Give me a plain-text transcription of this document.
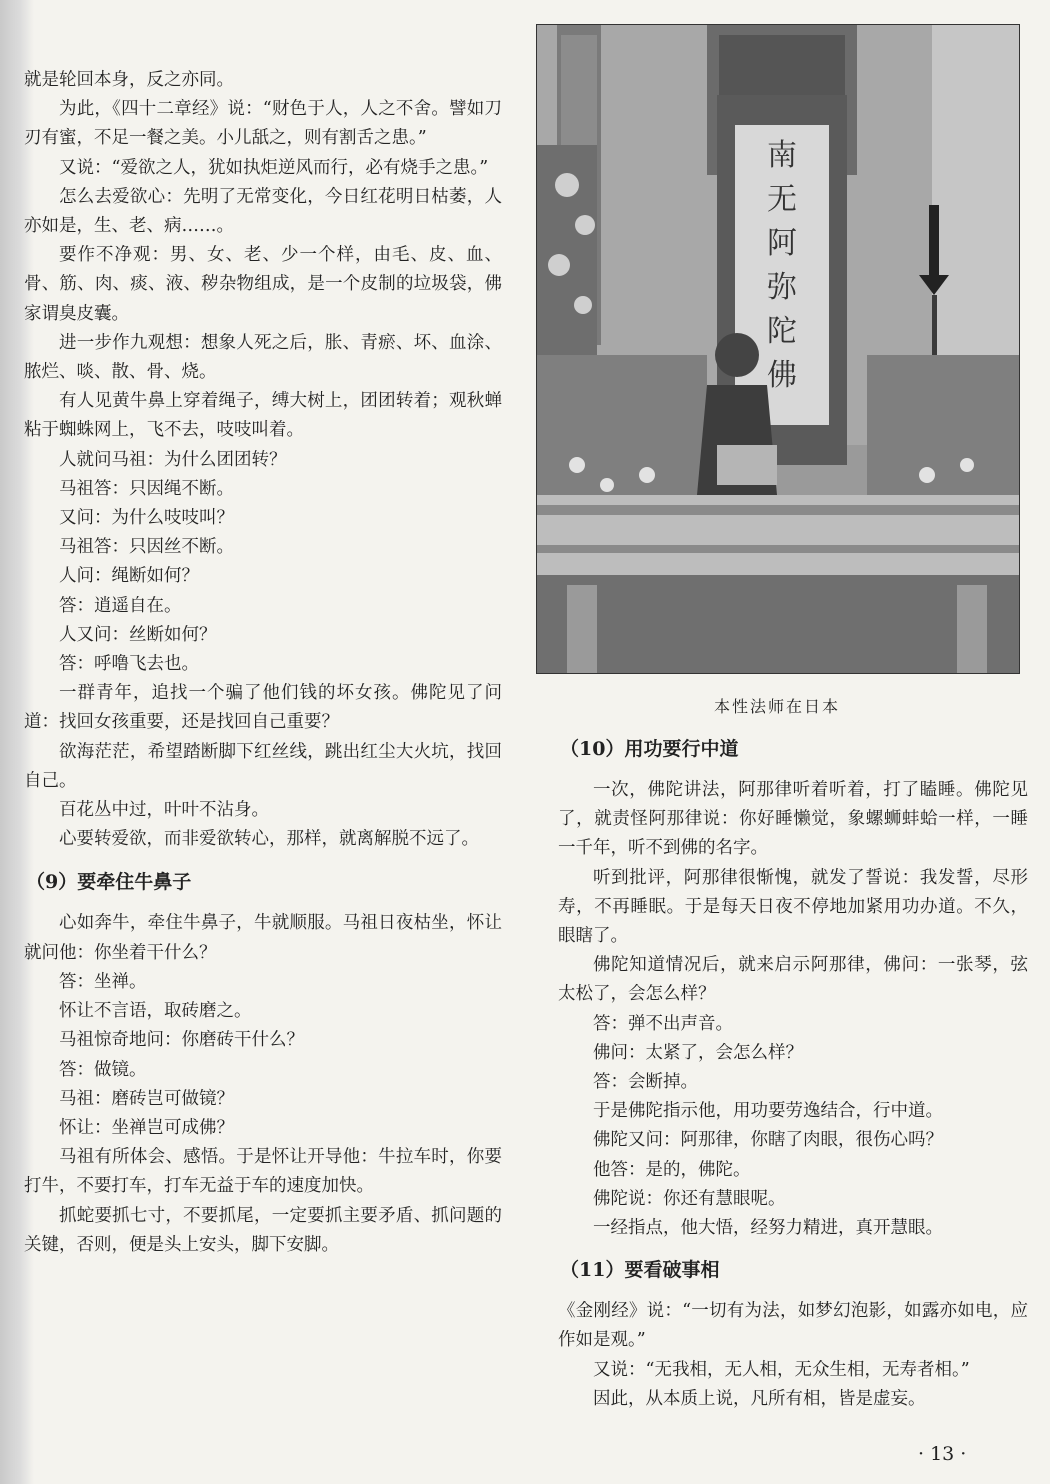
就是轮回本身，反之亦同。

为此，《四十二章经》说：“财色于人，人之不舍。譬如刀刃有蜜，不足一餐之美。小儿舐之，则有割舌之患。”

又说：“爱欲之人，犹如执炬逆风而行，必有烧手之患。”

怎么去爱欲心：先明了无常变化，今日红花明日枯萎，人亦如是，生、老、病……。

要作不净观：男、女、老、少一个样，由毛、皮、血、骨、筋、肉、痰、液、秽杂物组成，是一个皮制的垃圾袋，佛家谓臭皮囊。

进一步作九观想：想象人死之后，胀、青瘀、坏、血涂、脓烂、啖、散、骨、烧。

有人见黄牛鼻上穿着绳子，缚大树上，团团转着；观秋蝉粘于蜘蛛网上，飞不去，吱吱叫着。

人就问马祖：为什么团团转？

马祖答：只因绳不断。

又问：为什么吱吱叫？

马祖答：只因丝不断。

人问：绳断如何？

答：逍遥自在。

人又问：丝断如何？

答：呼噜飞去也。

一群青年，追找一个骗了他们钱的坏女孩。佛陀见了问道：找回女孩重要，还是找回自己重要？

欲海茫茫，希望踏断脚下红丝线，跳出红尘大火坑，找回自己。

百花丛中过，叶叶不沾身。

心要转爱欲，而非爱欲转心，那样，就离解脱不远了。

（9）要牵住牛鼻子

心如奔牛，牵住牛鼻子，牛就顺服。马祖日夜枯坐，怀让就问他：你坐着干什么？

答：坐禅。

怀让不言语，取砖磨之。

马祖惊奇地问：你磨砖干什么？

答：做镜。

马祖：磨砖岂可做镜？

怀让：坐禅岂可成佛？

马祖有所体会、感悟。于是怀让开导他：牛拉车时，你要打牛，不要打车，打车无益于车的速度加快。

抓蛇要抓七寸，不要抓尾，一定要抓主要矛盾、抓问题的关键，否则，便是头上安头，脚下安脚。

南无阿弥陀佛
本性法师在日本
（10）用功要行中道

一次，佛陀讲法，阿那律听着听着，打了瞌睡。佛陀见了，就责怪阿那律说：你好睡懒觉，象螺蛳蚌蛤一样，一睡一千年，听不到佛的名字。

听到批评，阿那律很惭愧，就发了誓说：我发誓，尽形寿，不再睡眠。于是每天日夜不停地加紧用功办道。不久，眼瞎了。

佛陀知道情况后，就来启示阿那律，佛问：一张琴，弦太松了，会怎么样？

答：弹不出声音。

佛问：太紧了，会怎么样？

答：会断掉。

于是佛陀指示他，用功要劳逸结合，行中道。

佛陀又问：阿那律，你瞎了肉眼，很伤心吗？

他答：是的，佛陀。

佛陀说：你还有慧眼呢。

一经指点，他大悟，经努力精进，真开慧眼。

（11）要看破事相

《金刚经》说：“一切有为法，如梦幻泡影，如露亦如电，应作如是观。”

又说：“无我相，无人相，无众生相，无寿者相。”

因此，从本质上说，凡所有相，皆是虚妄。

· 13 ·
